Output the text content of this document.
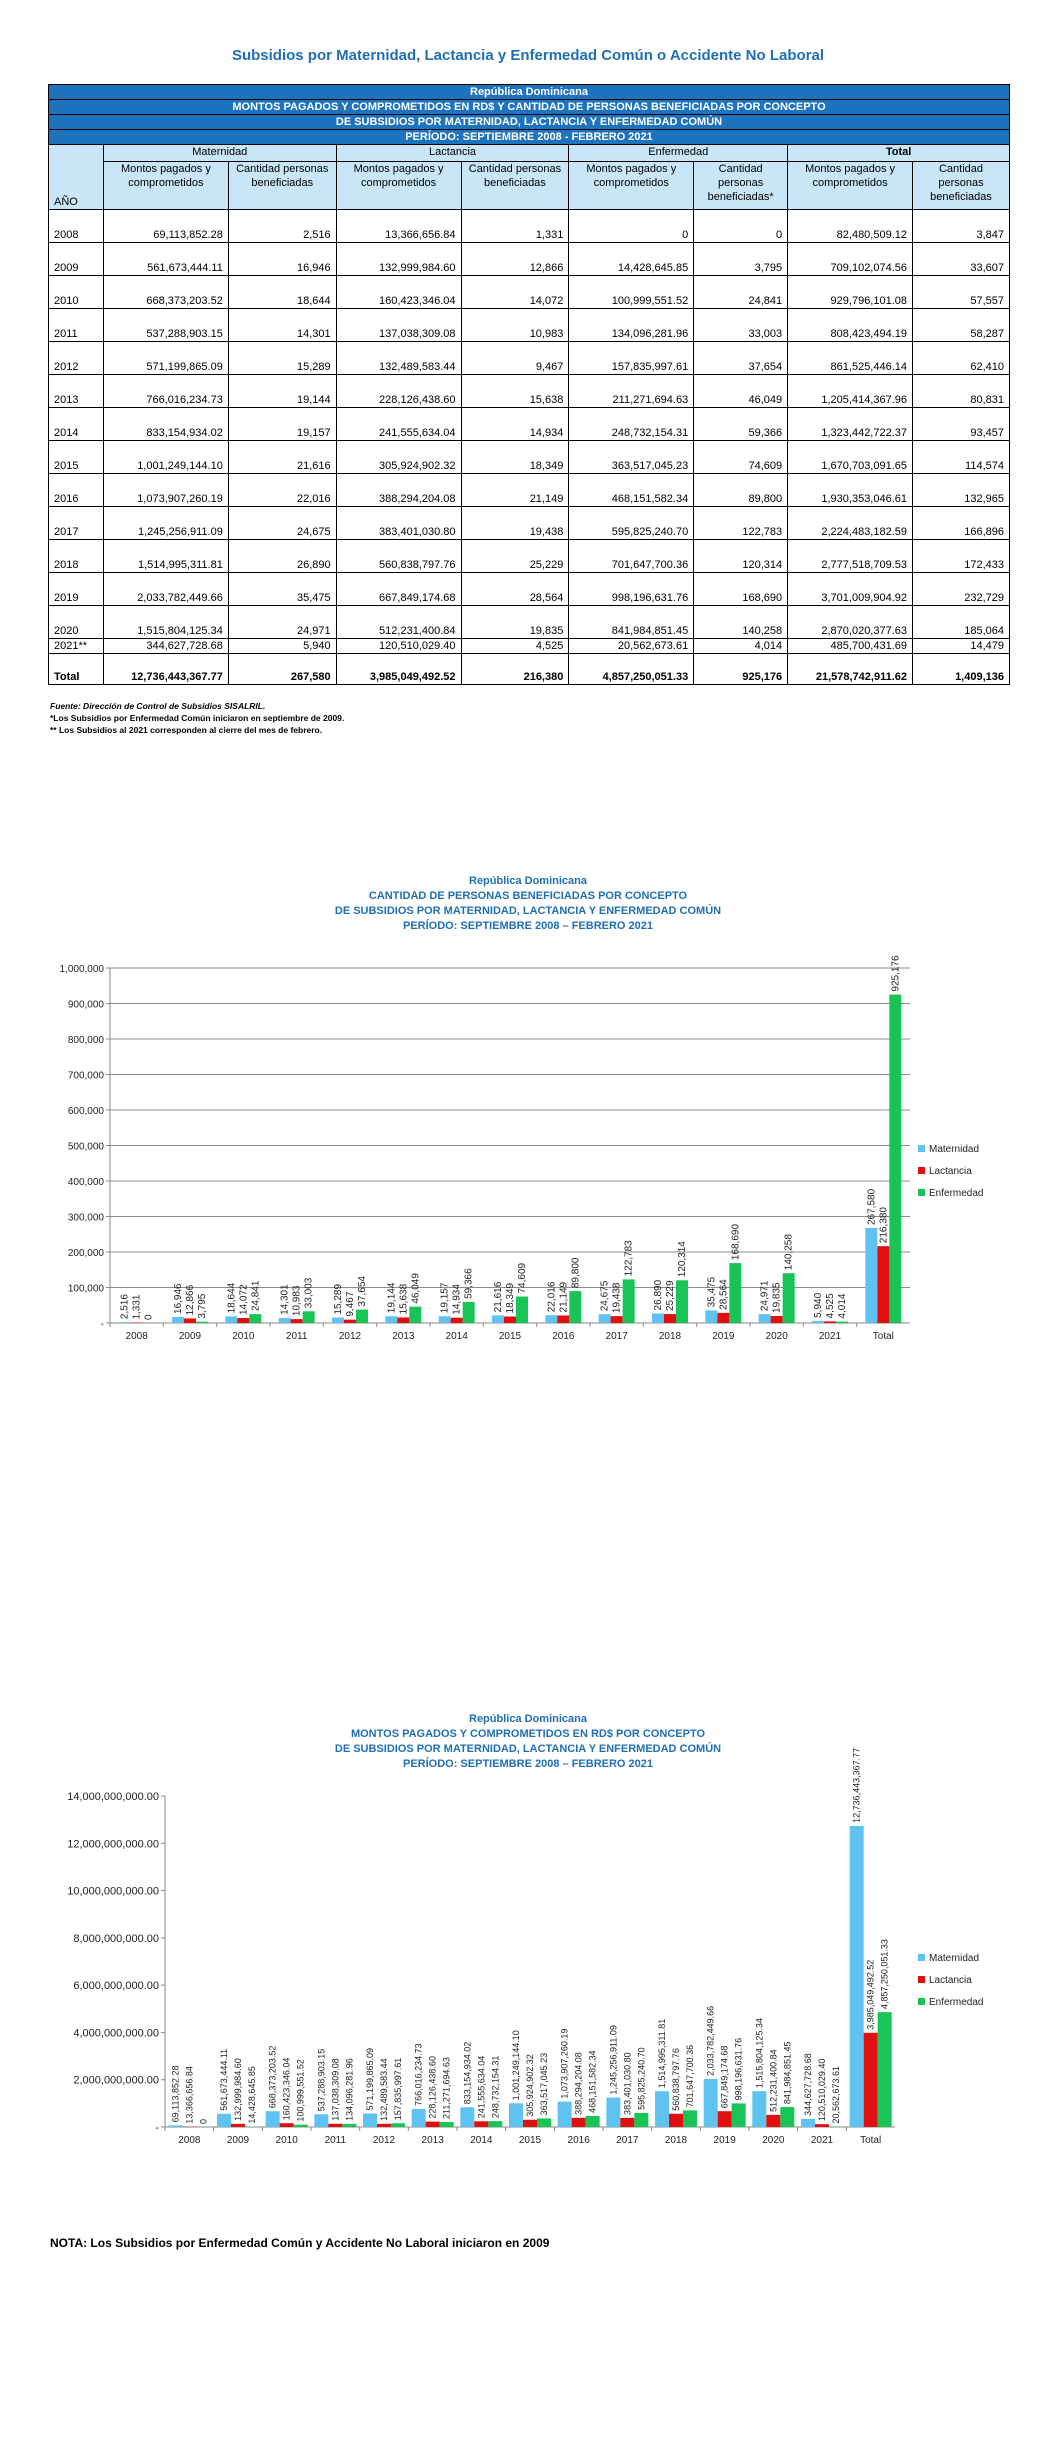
Subsidios por Maternidad, Lactancia y Enfermedad Común o Accidente No Laboral
República Dominicana								
MONTOS PAGADOS Y COMPROMETIDOS EN RD$ Y CANTIDAD DE PERSONAS BENEFICIADAS POR CONCEPTO								
DE SUBSIDIOS POR MATERNIDAD, LACTANCIA Y ENFERMEDAD COMÚN								
PERÍODO: SEPTIEMBRE 2008 - FEBRERO 2021								
AÑO	Maternidad		Lactancia		Enfermedad		Total	
	Montos pagados y comprometidos	Cantidad personas beneficiadas	Montos pagados y comprometidos	Cantidad personas beneficiadas	Montos pagados y comprometidos	Cantidad personas beneficiadas*	Montos pagados y comprometidos	Cantidad personas beneficiadas
2008	69,113,852.28	2,516	13,366,656.84	1,331	0	0	82,480,509.12	3,847
2009	561,673,444.11	16,946	132,999,984.60	12,866	14,428,645.85	3,795	709,102,074.56	33,607
2010	668,373,203.52	18,644	160,423,346.04	14,072	100,999,551.52	24,841	929,796,101.08	57,557
2011	537,288,903.15	14,301	137,038,309.08	10,983	134,096,281.96	33,003	808,423,494.19	58,287
2012	571,199,865.09	15,289	132,489,583.44	9,467	157,835,997.61	37,654	861,525,446.14	62,410
2013	766,016,234.73	19,144	228,126,438.60	15,638	211,271,694.63	46,049	1,205,414,367.96	80,831
2014	833,154,934.02	19,157	241,555,634.04	14,934	248,732,154.31	59,366	1,323,442,722.37	93,457
2015	1,001,249,144.10	21,616	305,924,902.32	18,349	363,517,045.23	74,609	1,670,703,091.65	114,574
2016	1,073,907,260.19	22,016	388,294,204.08	21,149	468,151,582.34	89,800	1,930,353,046.61	132,965
2017	1,245,256,911.09	24,675	383,401,030.80	19,438	595,825,240.70	122,783	2,224,483,182.59	166,896
2018	1,514,995,311.81	26,890	560,838,797.76	25,229	701,647,700.36	120,314	2,777,518,709.53	172,433
2019	2,033,782,449.66	35,475	667,849,174.68	28,564	998,196,631.76	168,690	3,701,009,904.92	232,729
2020	1,515,804,125.34	24,971	512,231,400.84	19,835	841,984,851.45	140,258	2,870,020,377.63	185,064
2021**	344,627,728.68	5,940	120,510,029.40	4,525	20,562,673.61	4,014	485,700,431.69	14,479
Total	12,736,443,367.77	267,580	3,985,049,492.52	216,380	4,857,250,051.33	925,176	21,578,742,911.62	1,409,136
Fuente: Dirección de Control de Subsidios SISALRIL.
*Los Subsidios por Enfermedad Común iniciaron en septiembre de 2009.
** Los Subsidios al 2021 corresponden al cierre del mes de febrero.
República Dominicana
CANTIDAD DE PERSONAS BENEFICIADAS POR CONCEPTO
DE SUBSIDIOS POR MATERNIDAD, LACTANCIA Y ENFERMEDAD COMÚN
PERÍODO: SEPTIEMBRE 2008 – FEBRERO 2021
-
100,000
200,000
300,000
400,000
500,000
600,000
700,000
800,000
900,000
1,000,000
2008
2,516 1,331 0
2009
16,946 12,866 3,795
2010
18,644 14,072 24,841
2011
14,301 10,983 33,003
2012
15,289 9,467 37,654
2013
19,144 15,638 46,049
2014
19,157 14,934
59,366
2015
21,616 18,349
74,609
2016
22,016 21,149
89,800
2017
24,675 19,438
122,783
2018
26,890 25,229
120,314
2019
35,475 28,564
168,690
2020
24,971 19,835
140,258
2021
5,940 4,525 4,014
Total
267,580
216,380
925,176
Maternidad
Lactancia
Enfermedad
República Dominicana
MONTOS PAGADOS Y COMPROMETIDOS EN RD$ POR CONCEPTO
DE SUBSIDIOS POR MATERNIDAD, LACTANCIA Y ENFERMEDAD COMÚN
PERÍODO: SEPTIEMBRE 2008 – FEBRERO 2021
-
2,000,000,000.00
4,000,000,000.00
6,000,000,000.00
8,000,000,000.00
10,000,000,000.00
12,000,000,000.00
14,000,000,000.00
2008
69,113,852.28 13,366,656.84 0
2009
561,673,444.11 132,999,984.60 14,428,645.85
2010
668,373,203.52 160,423,346.04 100,999,551.52
2011
537,288,903.15 137,038,309.08 134,096,281.96
2012
571,199,865.09 132,489,583.44 157,835,997.61
2013
766,016,234.73 228,126,438.60 211,271,694.63
2014
833,154,934.02 241,555,634.04 248,732,154.31
2015
1,001,249,144.10 305,924,902.32 363,517,045.23
2016
1,073,907,260.19 388,294,204.08 468,151,582.34
2017
1,245,256,911.09 383,401,030.80 595,825,240.70
2018
1,514,995,311.81 560,838,797.76 701,647,700.36
2019
2,033,782,449.66
667,849,174.68 998,196,631.76
2020
1,515,804,125.34 512,231,400.84 841,984,851.45
2021
344,627,728.68 120,510,029.40 20,562,673.61
Total
12,736,443,367.77
3,985,049,492.52 4,857,250,051.33	Maternidad
Lactancia
Enfermedad
NOTA: Los Subsidios por Enfermedad Común y Accidente No Laboral iniciaron en 2009
